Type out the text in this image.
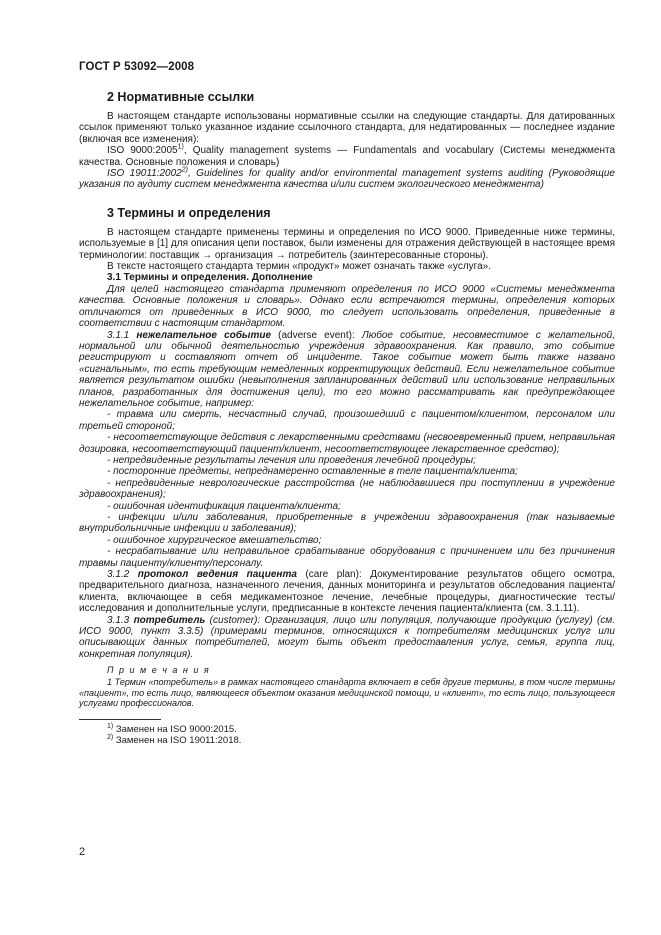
ГОСТ Р 53092—2008
2 Нормативные ссылки

В настоящем стандарте использованы нормативные ссылки на следующие стандарты. Для датированных ссылок применяют только указанное издание ссылочного стандарта, для недатированных — последнее издание (включая все изменения):

ISO 9000:2005$^{1)}$, Quality management systems — Fundamentals and vocabulary (Системы менеджмента качества. Основные положения и словарь)

ISO 19011:2002$^{2)}$, Guidelines for quality and/or environmental management systems auditing (Руководящие указания по аудиту систем менеджмента качества и/или систем экологического менеджмента)

3 Термины и определения

В настоящем стандарте применены термины и определения по ИСО 9000. Приведенные ниже термины, используемые в [1] для описания цепи поставок, были изменены для отражения действующей в настоящее время терминологии: поставщик → организация → потребитель (заинтересованные стороны).

В тексте настоящего стандарта термин «продукт» может означать также «услуга».

3.1 Термины и определения. Дополнение

Для целей настоящего стандарта применяют определения по ИСО 9000 «Системы менеджмента качества. Основные положения и словарь». Однако если встречаются термины, определения которых отличаются от приведенных в ИСО 9000, то следует использовать определения, приведенные в соответствии с настоящим стандартом.

3.1.1 нежелательное событие (adverse event): Любое событие, несовместимое с желательной, нормальной или обычной деятельностью учреждения здравоохранения. Как правило, это событие регистрируют и составляют отчет об инциденте. Такое событие может быть также названо «сигнальным», то есть требующим немедленных корректирующих действий. Если нежелательное событие является результатом ошибки (невыполнения запланированных действий или использование неправильных планов, разработанных для достижения цели), то его можно рассматривать как предупреждающее нежелательное событие, например:

- травма или смерть, несчастный случай, произошедший с пациентом/клиентом, персоналом или третьей стороной;

- несоответствующие действия с лекарственными средствами (несвоевременный прием, неправильная дозировка, несоответствующий пациент/клиент, несоответствующее лекарственное средство);

- непредвиденные результаты лечения или проведения лечебной процедуры;

- посторонние предметы, непреднамеренно оставленные в теле пациента/клиента;

- непредвиденные неврологические расстройства (не наблюдавшиеся при поступлении в учреждение здравоохранения);

- ошибочная идентификация пациента/клиента;

- инфекции и/или заболевания, приобретенные в учреждении здравоохранения (так называемые внутрибольничные инфекции и заболевания);

- ошибочное хирургическое вмешательство;

- несрабатывание или неправильное срабатывание оборудования с причинением или без причинения травмы пациенту/клиенту/персоналу.

3.1.2 протокол ведения пациента (care plan): Документирование результатов общего осмотра, предварительного диагноза, назначенного лечения, данных мониторинга и результатов обследования пациента/клиента, включающее в себя медикаментозное лечение, лечебные процедуры, диагностические тесты/исследования и дополнительные услуги, предписанные в контексте лечения пациента/клиента (см. 3.1.11).

3.1.3 потребитель (customer): Организация, лицо или популяция, получающие продукцию (услугу) (см. ИСО 9000, пункт 3.3.5) (примерами терминов, относящихся к потребителям медицинских услуг или описывающих данных потребителей, могут быть объект предоставления услуг, семья, группа лиц, конкретная популяция).

П р и м е ч а н и я
1 Термин «потребитель» в рамках настоящего стандарта включает в себя другие термины, в том числе термины «пациент», то есть лицо, являющееся объектом оказания медицинской помощи, и «клиент», то есть лицо, пользующееся услугами профессионалов.
$^{1)}$ Заменен на ISO 9000:2015.
$^{2)}$ Заменен на ISO 19011:2018.
2
